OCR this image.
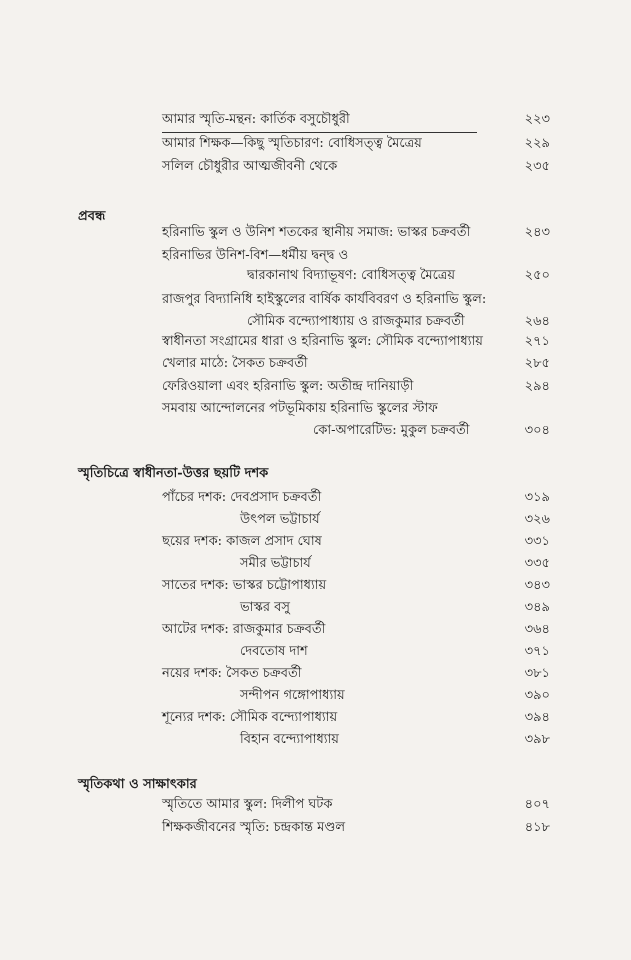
আমার স্মৃতি-মন্থন: কার্তিক বসুচৌধুরী	২২৩
আমার শিক্ষক—কিছু স্মৃতিচারণ: বোধিসত্ত্ব মৈত্রেয়	২২৯
সলিল চৌধুরীর আত্মজীবনী থেকে	২৩৫
প্রবন্ধ
হরিনাভি স্কুল ও উনিশ শতকের স্থানীয় সমাজ: ভাস্কর চক্রবর্তী	২৪৩
হরিনাভির উনিশ-বিশ—ধর্মীয় দ্বন্দ্ব ও
দ্বারকানাথ বিদ্যাভূষণ: বোধিসত্ত্ব মৈত্রেয়	২৫০
রাজপুর বিদ্যানিধি হাইস্কুলের বার্ষিক কার্যবিবরণ ও হরিনাভি স্কুল:
সৌমিক বন্দ্যোপাধ্যায় ও রাজকুমার চক্রবর্তী	২৬৪
স্বাধীনতা সংগ্রামের ধারা ও হরিনাভি স্কুল: সৌমিক বন্দ্যোপাধ্যায়	২৭১
খেলার মাঠে: সৈকত চক্রবর্তী	২৮৫
ফেরিওয়ালা এবং হরিনাভি স্কুল: অতীন্দ্র দানিয়াড়ী	২৯৪
সমবায় আন্দোলনের পটভূমিকায় হরিনাভি স্কুলের স্টাফ
কো-অপারেটিভ: মুকুল চক্রবর্তী	৩০৪
স্মৃতিচিত্রে স্বাধীনতা-উত্তর ছয়টি দশক
পাঁচের দশক: দেবপ্রসাদ চক্রবর্তী	৩১৯
উৎপল ভট্টাচার্য	৩২৬
ছয়ের দশক: কাজল প্রসাদ ঘোষ	৩৩১
সমীর ভট্টাচার্য	৩৩৫
সাতের দশক: ভাস্কর চট্টোপাধ্যায়	৩৪৩
ভাস্কর বসু	৩৪৯
আটের দশক: রাজকুমার চক্রবর্তী	৩৬৪
দেবতোষ দাশ	৩৭১
নয়ের দশক: সৈকত চক্রবর্তী	৩৮১
সন্দীপন গঙ্গোপাধ্যায়	৩৯০
শূন্যের দশক: সৌমিক বন্দ্যোপাধ্যায়	৩৯৪
বিহান বন্দ্যোপাধ্যায়	৩৯৮
স্মৃতিকথা ও সাক্ষাৎকার
স্মৃতিতে আমার স্কুল: দিলীপ ঘটক	৪০৭
শিক্ষকজীবনের স্মৃতি: চন্দ্রকান্ত মণ্ডল	৪১৮
